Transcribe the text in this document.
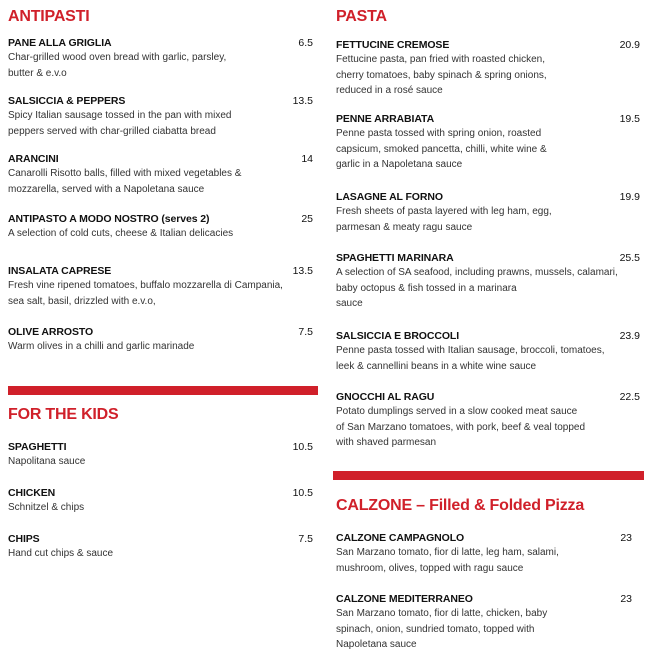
ANTIPASTI
PANE ALLA GRIGLIA	6.5
Char-grilled wood oven bread with garlic, parsley,
butter & e.v.o
SALSICCIA & PEPPERS	13.5
Spicy Italian sausage tossed in the pan with mixed
peppers served with char-grilled ciabatta bread
ARANCINI	14
Canarolli Risotto balls, filled with mixed vegetables &
mozzarella, served with a Napoletana sauce
ANTIPASTO A MODO NOSTRO (serves 2)	25
A selection of cold cuts, cheese & Italian delicacies
INSALATA CAPRESE	13.5
Fresh vine ripened tomatoes, buffalo mozzarella di Campania,
sea salt, basil, drizzled with e.v.o,
OLIVE ARROSTO	7.5
Warm olives in a chilli and garlic marinade
FOR THE KIDS
SPAGHETTI	10.5
Napolitana sauce
CHICKEN	10.5
Schnitzel & chips
CHIPS	7.5
Hand cut chips & sauce
PASTA
FETTUCINE CREMOSE	20.9
Fettucine pasta, pan fried with roasted chicken,
cherry tomatoes, baby spinach & spring onions,
reduced in a rosé sauce
PENNE ARRABIATA	19.5
Penne pasta tossed with spring onion, roasted
capsicum, smoked pancetta, chilli, white wine &
garlic in a Napoletana sauce
LASAGNE AL FORNO	19.9
Fresh sheets of pasta layered with leg ham, egg,
parmesan & meaty ragu sauce
SPAGHETTI MARINARA	25.5
A selection of SA seafood, including prawns, mussels, calamari,
baby octopus & fish tossed in a marinara
sauce
SALSICCIA E BROCCOLI	23.9
Penne pasta tossed with Italian sausage, broccoli, tomatoes,
leek & cannellini beans in a white wine sauce
GNOCCHI AL RAGU	22.5
Potato dumplings served in a slow cooked meat sauce
of San Marzano tomatoes, with pork, beef & veal topped
with shaved parmesan
CALZONE – Filled & Folded Pizza
CALZONE CAMPAGNOLO	23
San Marzano tomato, fior di latte, leg ham, salami,
mushroom, olives, topped with ragu sauce
CALZONE MEDITERRANEO	23
San Marzano tomato, fior di latte, chicken, baby
spinach, onion, sundried tomato, topped with
Napoletana sauce
